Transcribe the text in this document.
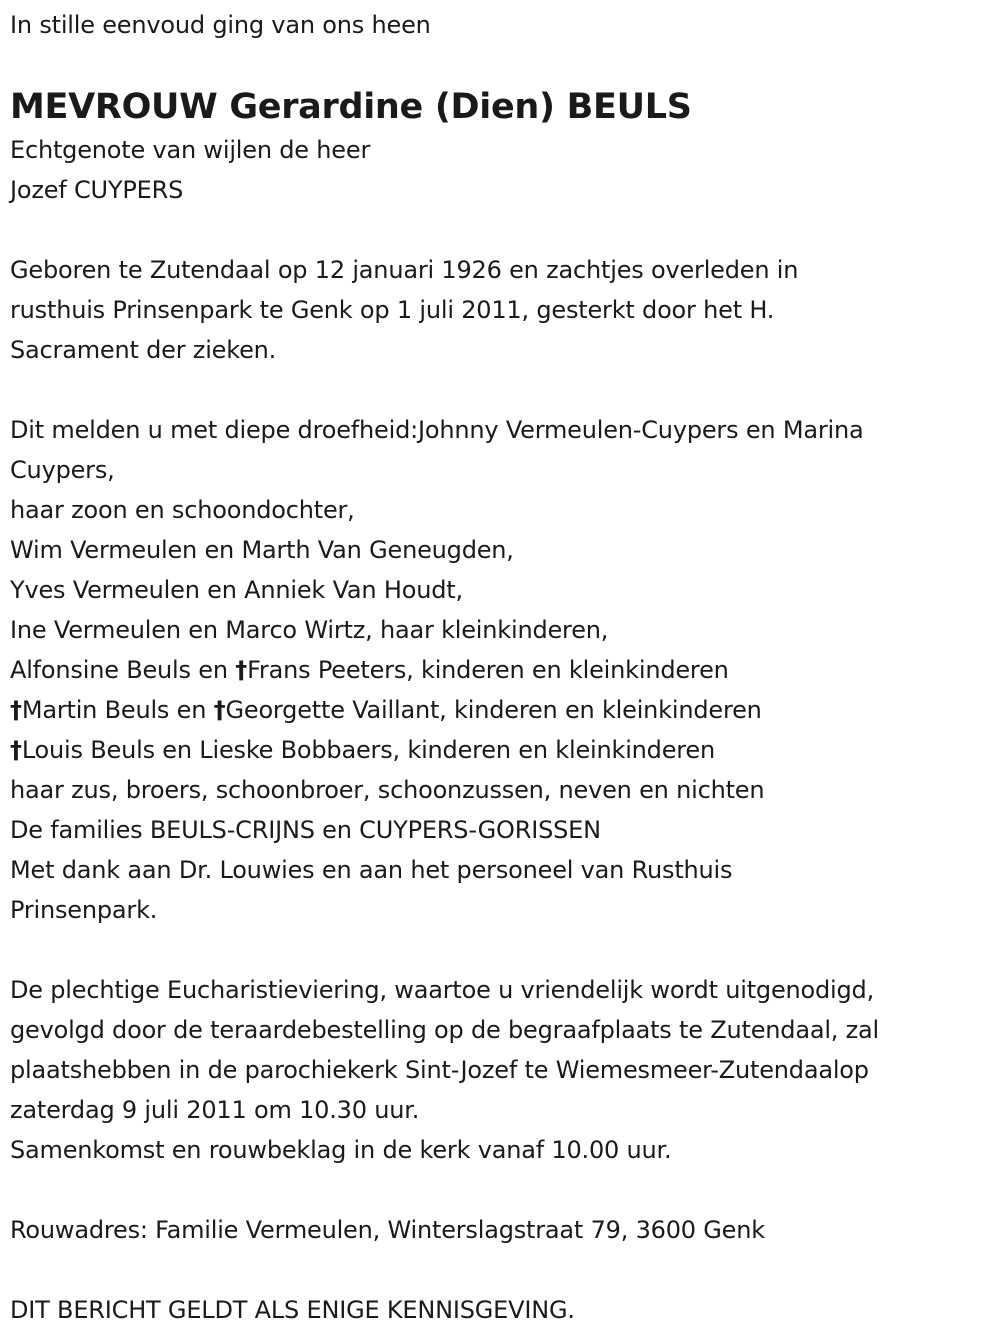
In stille eenvoud ging van ons heen
MEVROUW Gerardine (Dien) BEULS
Echtgenote van wijlen de heer
Jozef CUYPERS
Geboren te Zutendaal op 12 januari 1926 en zachtjes overleden in
rusthuis Prinsenpark te Genk op 1 juli 2011, gesterkt door het H.
Sacrament der zieken.
Dit melden u met diepe droefheid:Johnny Vermeulen-Cuypers en Marina
Cuypers,
haar zoon en schoondochter,
Wim Vermeulen en Marth Van Geneugden,
Yves Vermeulen en Anniek Van Houdt,
Ine Vermeulen en Marco Wirtz, haar kleinkinderen,
Alfonsine Beuls en †Frans Peeters, kinderen en kleinkinderen
†Martin Beuls en †Georgette Vaillant, kinderen en kleinkinderen
†Louis Beuls en Lieske Bobbaers, kinderen en kleinkinderen
haar zus, broers, schoonbroer, schoonzussen, neven en nichten
De families BEULS-CRIJNS en CUYPERS-GORISSEN
Met dank aan Dr. Louwies en aan het personeel van Rusthuis
Prinsenpark.
De plechtige Eucharistieviering, waartoe u vriendelijk wordt uitgenodigd,
gevolgd door de teraardebestelling op de begraafplaats te Zutendaal, zal
plaatshebben in de parochiekerk Sint-Jozef te Wiemesmeer-Zutendaalop
zaterdag 9 juli 2011 om 10.30 uur.
Samenkomst en rouwbeklag in de kerk vanaf 10.00 uur.
Rouwadres: Familie Vermeulen, Winterslagstraat 79, 3600 Genk
DIT BERICHT GELDT ALS ENIGE KENNISGEVING.
